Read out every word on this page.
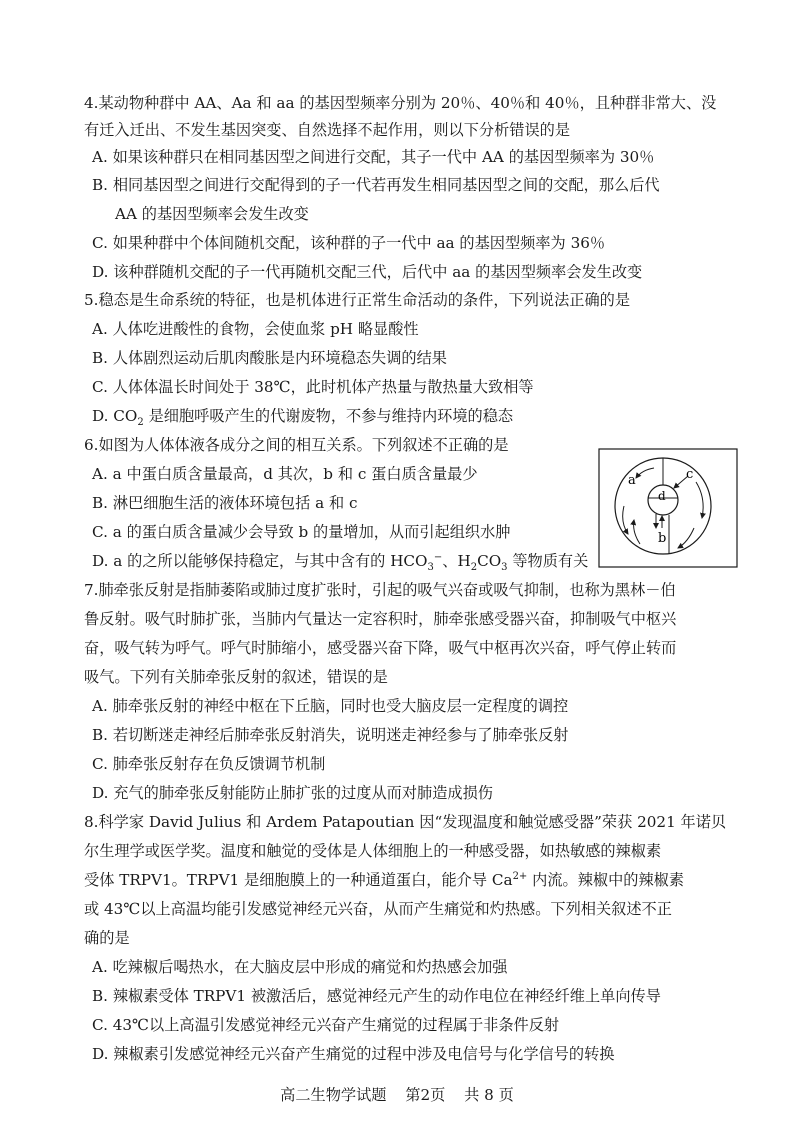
4.某动物种群中 AA、Aa 和 aa 的基因型频率分别为 20％、40％和 40％，且种群非常大、没
有迁入迁出、不发生基因突变、自然选择不起作用，则以下分析错误的是
A. 如果该种群只在相同基因型之间进行交配，其子一代中 AA 的基因型频率为 30％
B. 相同基因型之间进行交配得到的子一代若再发生相同基因型之间的交配，那么后代
AA 的基因型频率会发生改变
C. 如果种群中个体间随机交配，该种群的子一代中 aa 的基因型频率为 36％
D. 该种群随机交配的子一代再随机交配三代，后代中 aa 的基因型频率会发生改变
5.稳态是生命系统的特征，也是机体进行正常生命活动的条件，下列说法正确的是
A. 人体吃进酸性的食物，会使血浆 pH 略显酸性
B. 人体剧烈运动后肌肉酸胀是内环境稳态失调的结果
C. 人体体温长时间处于 38℃，此时机体产热量与散热量大致相等
D. $CO_2$ 是细胞呼吸产生的代谢废物，不参与维持内环境的稳态
6.如图为人体体液各成分之间的相互关系。下列叙述不正确的是
A. a 中蛋白质含量最高，d 其次，b 和 c 蛋白质含量最少
B. 淋巴细胞生活的液体环境包括 a 和 c
C. a 的蛋白质含量减少会导致 b 的量增加，从而引起组织水肿
D. a 的之所以能够保持稳定，与其中含有的 $HCO_3^-$、$H_2CO_3$ 等物质有关
a	c
d
b
7.肺牵张反射是指肺萎陷或肺过度扩张时，引起的吸气兴奋或吸气抑制，也称为黑林－伯
鲁反射。吸气时肺扩张，当肺内气量达一定容积时，肺牵张感受器兴奋，抑制吸气中枢兴
奋，吸气转为呼气。呼气时肺缩小，感受器兴奋下降，吸气中枢再次兴奋，呼气停止转而
吸气。下列有关肺牵张反射的叙述，错误的是
A. 肺牵张反射的神经中枢在下丘脑，同时也受大脑皮层一定程度的调控
B. 若切断迷走神经后肺牵张反射消失，说明迷走神经参与了肺牵张反射
C. 肺牵张反射存在负反馈调节机制
D. 充气的肺牵张反射能防止肺扩张的过度从而对肺造成损伤
8.科学家 David Julius 和 Ardem Patapoutian 因“发现温度和触觉感受器”荣获 2021 年诺贝
尔生理学或医学奖。温度和触觉的受体是人体细胞上的一种感受器，如热敏感的辣椒素
受体 TRPV1。TRPV1 是细胞膜上的一种通道蛋白，能介导 $Ca^{2+}$ 内流。辣椒中的辣椒素
或 43℃以上高温均能引发感觉神经元兴奋，从而产生痛觉和灼热感。下列相关叙述不正
确的是
A. 吃辣椒后喝热水，在大脑皮层中形成的痛觉和灼热感会加强
B. 辣椒素受体 TRPV1 被激活后，感觉神经元产生的动作电位在神经纤维上单向传导
C. 43℃以上高温引发感觉神经元兴奋产生痛觉的过程属于非条件反射
D. 辣椒素引发感觉神经元兴奋产生痛觉的过程中涉及电信号与化学信号的转换
高二生物学试题 第2页 共 8 页
